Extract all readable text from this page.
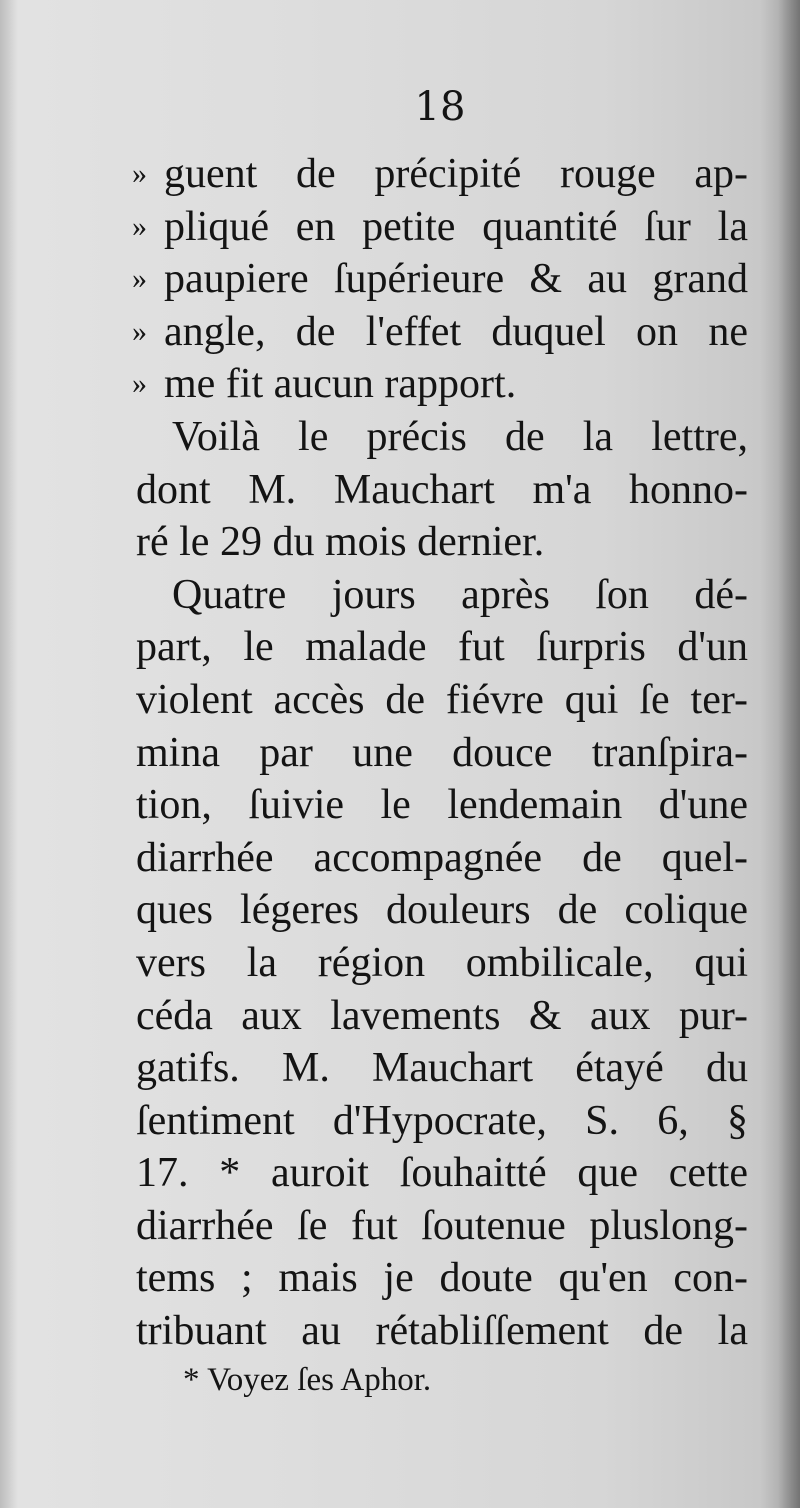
18
» guent de précipité rouge ap-
» pliqué en petite quantité ſur la
» paupiere ſupérieure & au grand
» angle, de l'effet duquel on ne
» me fit aucun rapport.
Voilà le précis de la lettre,
dont M. Mauchart m'a honno-
ré le 29 du mois dernier.
Quatre jours après ſon dé-
part, le malade fut ſurpris d'un
violent accès de fiévre qui ſe ter-
mina par une douce tranſpira-
tion, ſuivie le lendemain d'une
diarrhée accompagnée de quel-
ques légeres douleurs de colique
vers la région ombilicale, qui
céda aux lavements & aux pur-
gatifs. M. Mauchart étayé du
ſentiment d'Hypocrate, S. 6, §
17. * auroit ſouhaitté que cette
diarrhée ſe fut ſoutenue pluslong-
tems ; mais je doute qu'en con-
tribuant au rétabliſſement de la
* Voyez ſes Aphor.
